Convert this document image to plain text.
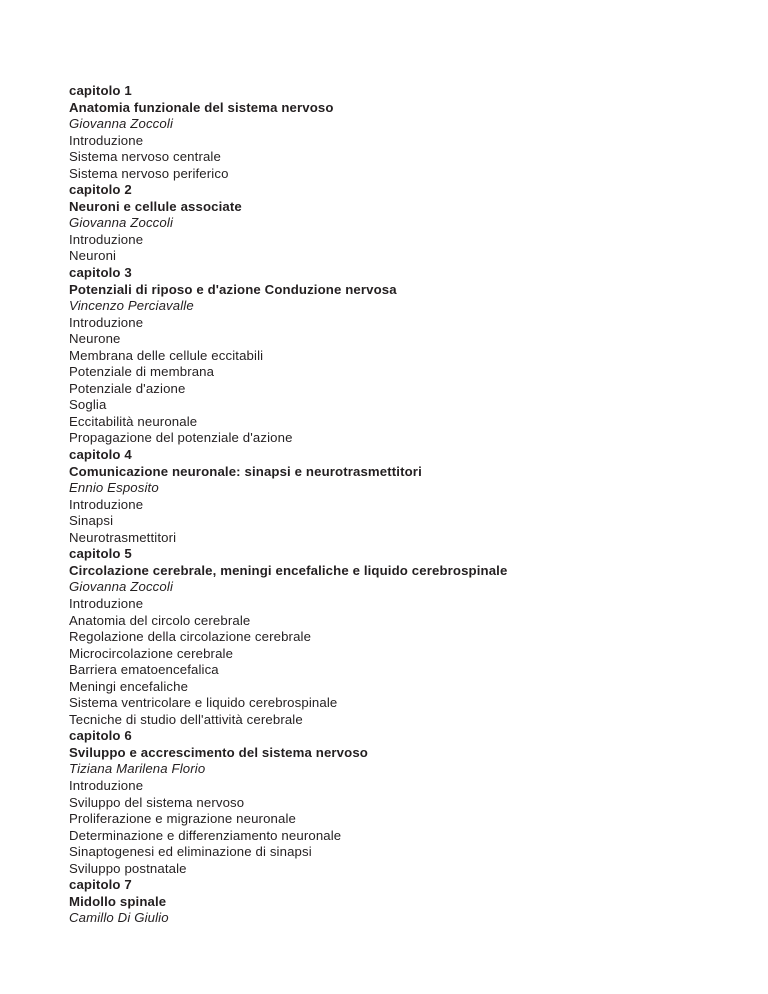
capitolo 1
Anatomia funzionale del sistema nervoso
Giovanna Zoccoli
Introduzione
Sistema nervoso centrale
Sistema nervoso periferico
capitolo 2
Neuroni e cellule associate
Giovanna Zoccoli
Introduzione
Neuroni
capitolo 3
Potenziali di riposo e d'azione Conduzione nervosa
Vincenzo Perciavalle
Introduzione
Neurone
Membrana delle cellule eccitabili
Potenziale di membrana
Potenziale d'azione
Soglia
Eccitabilità neuronale
Propagazione del potenziale d'azione
capitolo 4
Comunicazione neuronale: sinapsi e neurotrasmettitori
Ennio Esposito
Introduzione
Sinapsi
Neurotrasmettitori
capitolo 5
Circolazione cerebrale, meningi encefaliche e liquido cerebrospinale
Giovanna Zoccoli
Introduzione
Anatomia del circolo cerebrale
Regolazione della circolazione cerebrale
Microcircolazione cerebrale
Barriera ematoencefalica
Meningi encefaliche
Sistema ventricolare e liquido cerebrospinale
Tecniche di studio dell'attività cerebrale
capitolo 6
Sviluppo e accrescimento del sistema nervoso
Tiziana Marilena Florio
Introduzione
Sviluppo del sistema nervoso
Proliferazione e migrazione neuronale
Determinazione e differenziamento neuronale
Sinaptogenesi ed eliminazione di sinapsi
Sviluppo postnatale
capitolo 7
Midollo spinale
Camillo Di Giulio
